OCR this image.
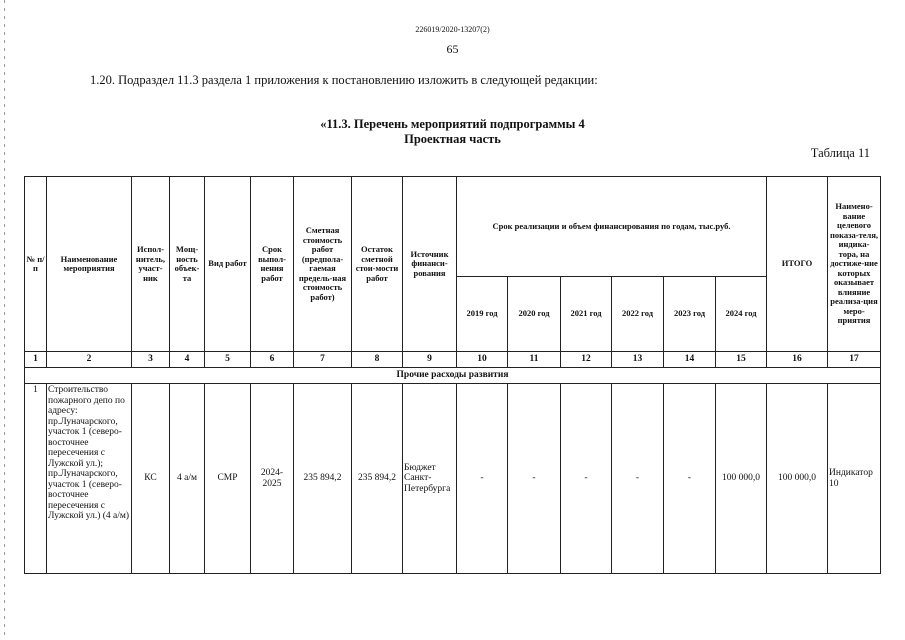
226019/2020-13207(2)
65
1.20. Подраздел 11.3 раздела 1 приложения к постановлению изложить в следующей редакции:
«11.3. Перечень мероприятий подпрограммы 4
Проектная часть
Таблица 11
№ п/п	Наименование мероприятия	Испол-нитель, участ-ник	Мощ-ность объек-та	Вид работ	Срок выпол-нения работ	Сметная стоимость работ (предпола-гаемая предель-ная стоимость работ)	Остаток сметной стои-мости работ	Источник финанси-рования	Срок реализации и объем финансирования по годам, тыс.руб.						ИТОГО	Наимено-вание целевого показа-теля, индика-тора, на достиже-ние которых оказывает влияние реализа-ция меро-приятия
									2019 год	2020 год	2021 год	2022 год	2023 год	2024 год		
1	2	3	4	5	6	7	8	9	10	11	12	13	14	15	16	17
Прочие расходы развития																
1	Строительство пожарного депо по адресу: пр.Луначарского, участок 1 (северо-восточнее пересечения с Лужской ул.); пр.Луначарского, участок 1 (северо-восточнее пересечения с Лужской ул.) (4 а/м)	КС	4 а/м	СМР	2024-2025	235 894,2	235 894,2	Бюджет Санкт-Петербурга	-	-	-	-	-	100 000,0	100 000,0	Индикатор 10
